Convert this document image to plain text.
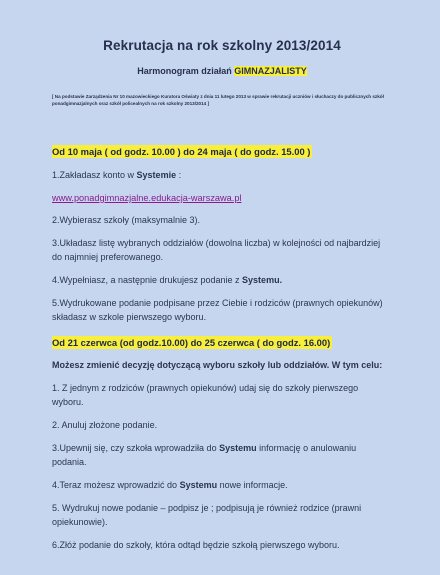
Rekrutacja na rok szkolny 2013/2014
Harmonogram działań GIMNAZJALISTY
[ Na podstawie Zarządzenia Nr 10 mazowieckiego Kuratora Oświaty z dnia 11 lutego 2013 w sprawie rekrutacji uczniów i słuchaczy do publicznych szkół ponadgimnazjalnych oraz szkół policealnych na rok szkolny 2013/2014 ]
Od 10 maja ( od godz. 10.00 ) do 24 maja ( do godz. 15.00 )
1.Zakładasz konto w Systemie :
www.ponadgimnazjalne.edukacja-warszawa.pl
2.Wybierasz szkoły (maksymalnie 3).
3.Układasz listę wybranych oddziałów (dowolna liczba) w kolejności od najbardziej do najmniej preferowanego.
4.Wypełniasz, a następnie drukujesz podanie z Systemu.
5.Wydrukowane podanie podpisane przez Ciebie i rodziców (prawnych opiekunów) składasz w szkole pierwszego wyboru.
Od 21 czerwca (od godz.10.00) do 25 czerwca ( do godz. 16.00)
Możesz zmienić decyzję dotyczącą wyboru szkoły lub oddziałów. W tym celu:
1. Z jednym z rodziców (prawnych opiekunów) udaj się do szkoły pierwszego wyboru.
2. Anuluj złożone podanie.
3.Upewnij się, czy szkoła wprowadziła do Systemu informację o anulowaniu podania.
4.Teraz możesz wprowadzić do Systemu nowe informacje.
5. Wydrukuj nowe podanie – podpisz je ; podpisują je również rodzice (prawni opiekunowie).
6.Złóż podanie do szkoły, która odtąd będzie szkołą pierwszego wyboru.
